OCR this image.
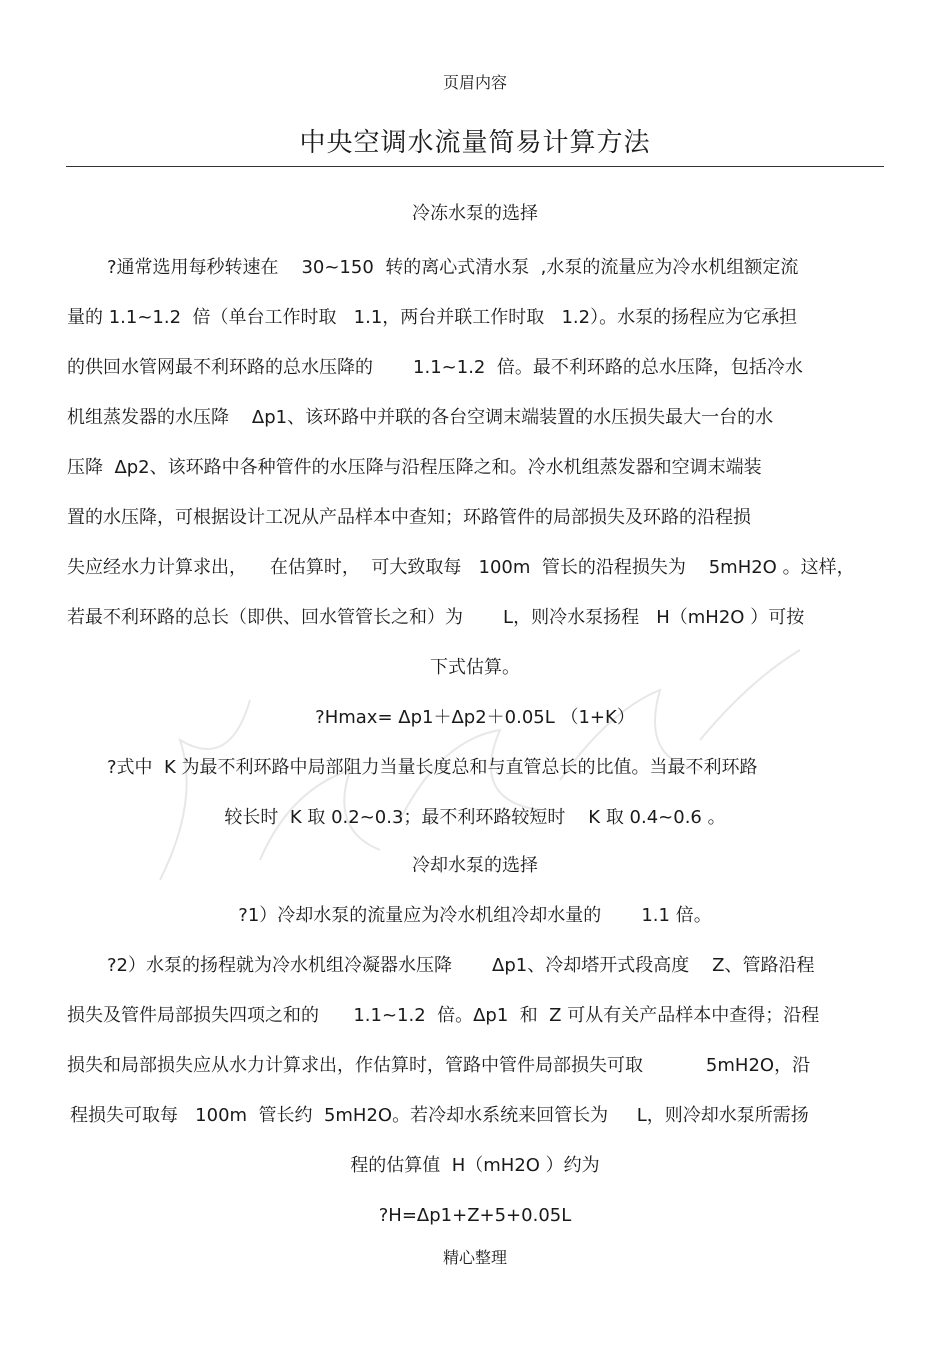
页眉内容
中央空调水流量简易计算方法
冷冻水泵的选择
?通常选用每秒转速在    30~150  转的离心式清水泵  ,水泵的流量应为冷水机组额定流
量的 1.1~1.2  倍（单台工作时取   1.1，两台并联工作时取   1.2）。水泵的扬程应为它承担
的供回水管网最不利环路的总水压降的       1.1~1.2  倍。最不利环路的总水压降，包括冷水
机组蒸发器的水压降    Δp1、该环路中并联的各台空调末端装置的水压损失最大一台的水
压降  Δp2、该环路中各种管件的水压降与沿程压降之和。冷水机组蒸发器和空调末端装
置的水压降，可根据设计工况从产品样本中查知；环路管件的局部损失及环路的沿程损
失应经水力计算求出，    在估算时，  可大致取每   100m  管长的沿程损失为    5mH2O 。这样，
若最不利环路的总长（即供、回水管管长之和）为       L，则冷水泵扬程   H（mH2O ）可按
下式估算。
?Hmax= Δp1＋Δp2＋0.05L （1+K）
?式中  K 为最不利环路中局部阻力当量长度总和与直管总长的比值。当最不利环路
较长时  K 取 0.2~0.3；最不利环路较短时    K 取 0.4~0.6 。
冷却水泵的选择
?1）冷却水泵的流量应为冷水机组冷却水量的       1.1 倍。
?2）水泵的扬程就为冷水机组冷凝器水压降       Δp1、冷却塔开式段高度    Z、管路沿程
损失及管件局部损失四项之和的      1.1~1.2  倍。Δp1  和  Z 可从有关产品样本中查得；沿程
损失和局部损失应从水力计算求出，作估算时，管路中管件局部损失可取           5mH2O，沿
程损失可取每   100m  管长约  5mH2O。若冷却水系统来回管长为     L，则冷却水泵所需扬
程的估算值  H（mH2O ）约为
?H=Δp1+Z+5+0.05L
精心整理
